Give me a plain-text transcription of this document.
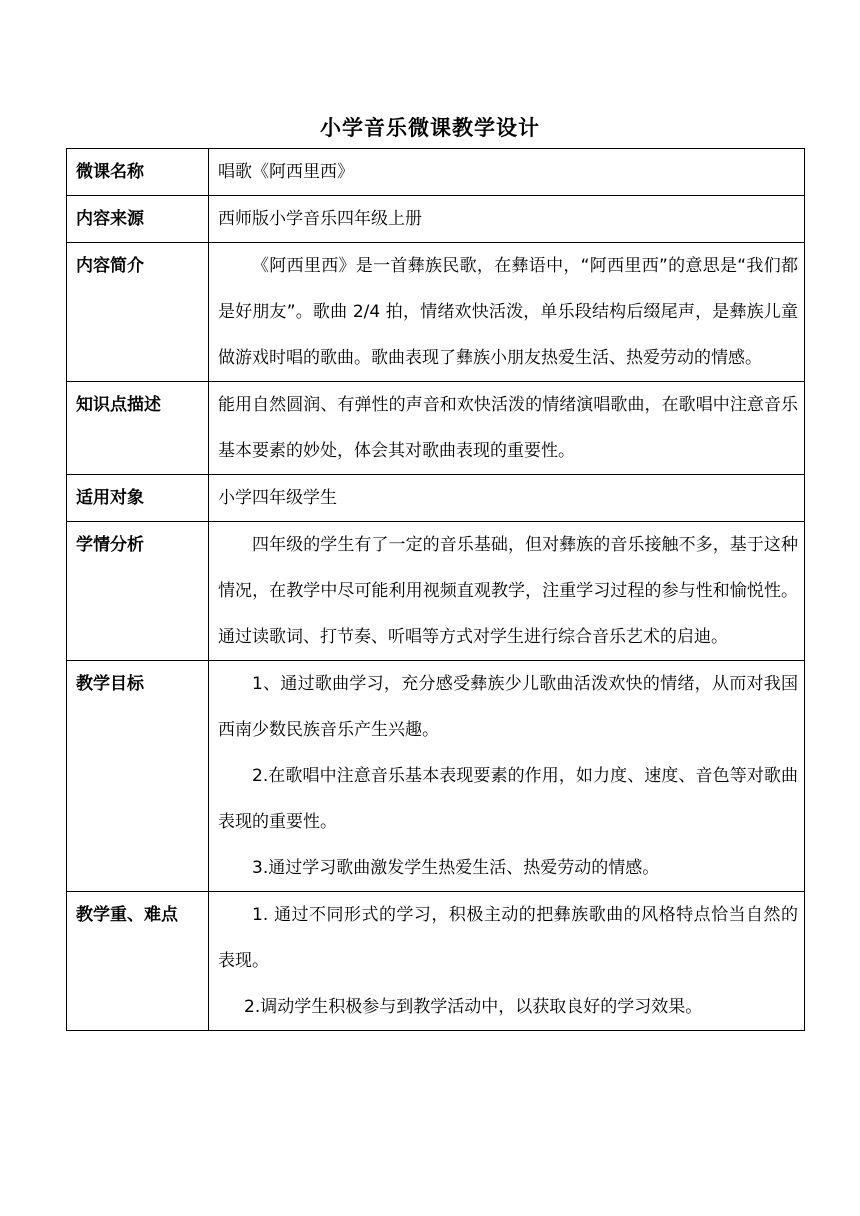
小学音乐微课教学设计
微课名称	唱歌《阿西里西》
内容来源	西师版小学音乐四年级上册
内容简介	《阿西里西》是一首彝族民歌，在彝语中，“阿西里西”的意思是“我们都是好朋友”。歌曲 2/4 拍，情绪欢快活泼，单乐段结构后缀尾声，是彝族儿童做游戏时唱的歌曲。歌曲表现了彝族小朋友热爱生活、热爱劳动的情感。

知识点描述	能用自然圆润、有弹性的声音和欢快活泼的情绪演唱歌曲，在歌唱中注意音乐基本要素的妙处，体会其对歌曲表现的重要性。

适用对象	小学四年级学生
学情分析	四年级的学生有了一定的音乐基础，但对彝族的音乐接触不多，基于这种情况，在教学中尽可能利用视频直观教学，注重学习过程的参与性和愉悦性。通过读歌词、打节奏、听唱等方式对学生进行综合音乐艺术的启迪。

教学目标	1、通过歌曲学习，充分感受彝族少儿歌曲活泼欢快的情绪，从而对我国西南少数民族音乐产生兴趣。

2.在歌唱中注意音乐基本表现要素的作用，如力度、速度、音色等对歌曲表现的重要性。

3.通过学习歌曲激发学生热爱生活、热爱劳动的情感。

教学重、难点	1. 通过不同形式的学习，积极主动的把彝族歌曲的风格特点恰当自然的表现。

2.调动学生积极参与到教学活动中，以获取良好的学习效果。
